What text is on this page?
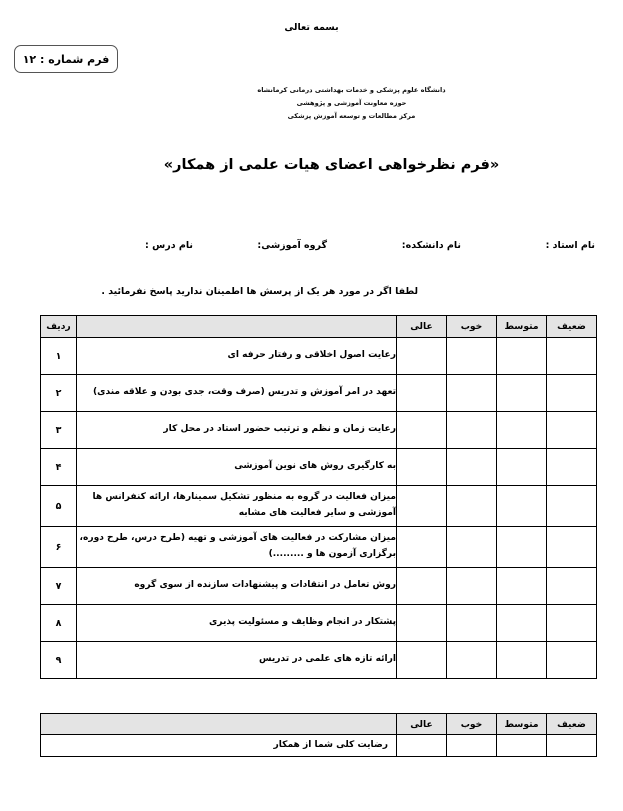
بسمه تعالی
فرم شماره : ۱۲
دانشگاه علوم پزشکی و خدمات بهداشتی درمانی کرمانشاه
حوزه معاونت آموزشی و پژوهشی
مرکز مطالعات و توسعه آموزش پزشکی
«فرم نظرخواهی اعضای هیات علمی از همکار»
نام استاد :
نام دانشکده:
گروه آموزشی:
نام درس :
لطفا اگر در مورد هر یک از پرسش ها اطمینان ندارید پاسخ نفرمائید .
ضعیف	متوسط	خوب	عالی		ردیف
				رعایت اصول اخلاقی و رفتار حرفه ای	۱
				تعهد در امر آموزش و تدریس (صرف وقت، جدی بودن و علاقه مندی)	۲
				رعایت زمان و نظم و ترتیب حضور استاد در محل کار	۳
				به کارگیری روش های نوین آموزشی	۴
				میزان فعالیت در گروه به منظور تشکیل سمینارها، ارائه کنفرانس ها آموزشی و سایر فعالیت های مشابه	۵
				میزان مشارکت در فعالیت های آموزشی و تهیه (طرح درس، طرح دوره، برگزاری آزمون ها و .........)	۶
				روش تعامل در انتقادات و پیشنهادات سازنده از سوی گروه	۷
				پشتکار در انجام وظایف و مسئولیت پذیری	۸
				ارائه تازه های علمی در تدریس	۹
ضعیف	متوسط	خوب	عالی	
				رضایت کلی شما از همکار
